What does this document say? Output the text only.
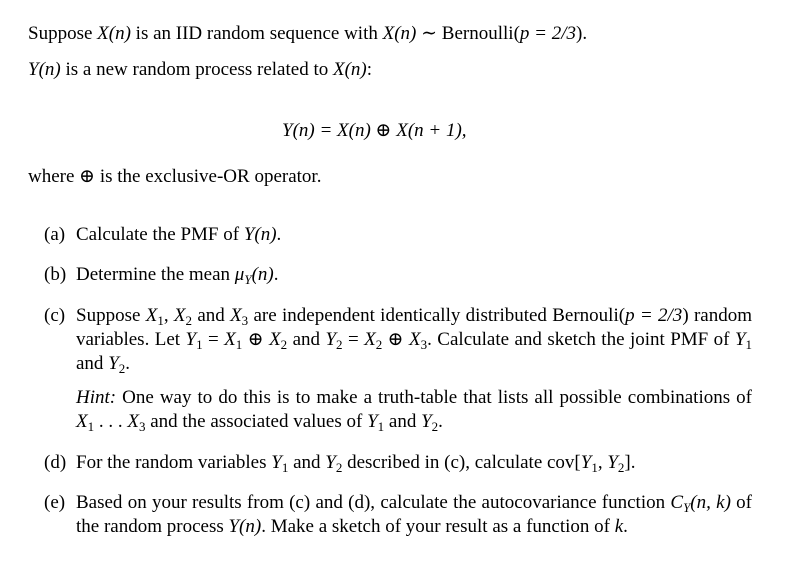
Suppose X(n) is an IID random sequence with X(n) ∼ Bernoulli(p = 2/3).
Y(n) is a new random process related to X(n):
Y(n) = X(n) ⊕ X(n + 1),
where ⊕ is the exclusive-OR operator.
(a) Calculate the PMF of Y(n).
(b) Determine the mean $\mu_Y(n)$.
(c) Suppose $X_1$, $X_2$ and $X_3$ are independent identically distributed Bernouli(p = 2/3) random variables. Let $Y_1 = X_1$ ⊕ $X_2$ and $Y_2 = X_2$ ⊕ $X_3$. Calculate and sketch the joint PMF of $Y_1$ and $Y_2$.
Hint: One way to do this is to make a truth-table that lists all possible combinations of $X_1$ . . . $X_3$ and the associated values of $Y_1$ and $Y_2$.
(d) For the random variables $Y_1$ and $Y_2$ described in (c), calculate $cov[Y_1$, $Y_2$].
(e) Based on your results from (c) and (d), calculate the autocovariance function $C_Y(n$, k) of the random process Y(n). Make a sketch of your result as a function of k.
